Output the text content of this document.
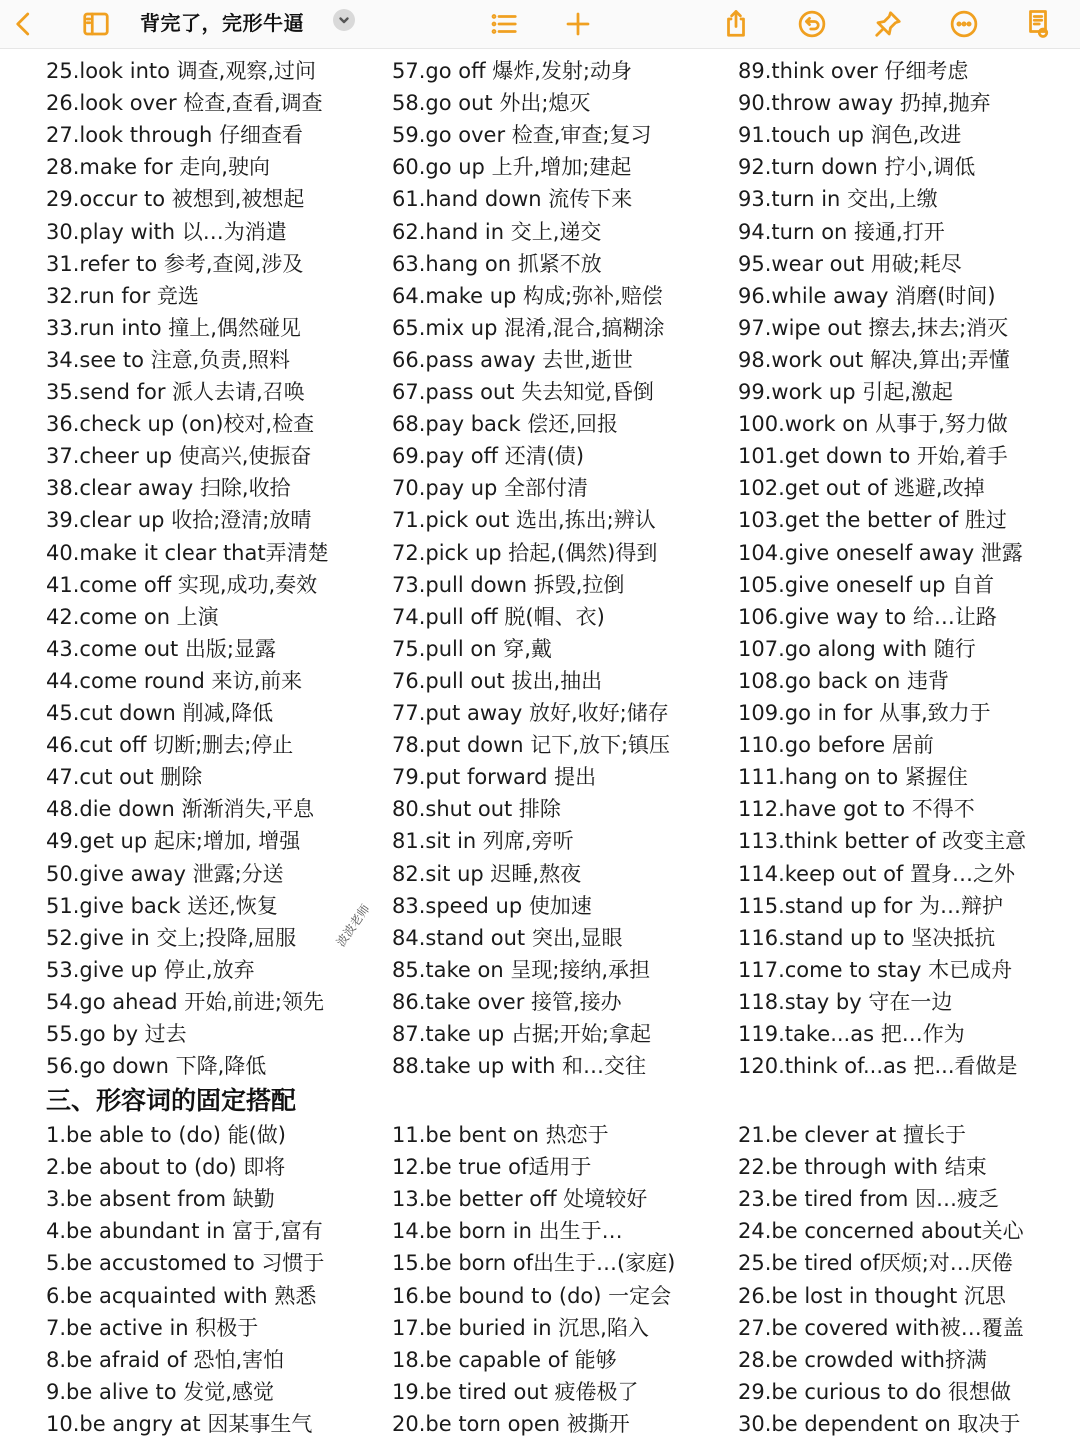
背完了，完形牛逼
25.look into 调查,观察,过问
26.look over 检查,查看,调查
27.look through 仔细查看
28.make for 走向,驶向
29.occur to 被想到,被想起
30.play with 以…为消遣
31.refer to 参考,查阅,涉及
32.run for 竞选
33.run into 撞上,偶然碰见
34.see to 注意,负责,照料
35.send for 派人去请,召唤
36.check up (on)校对,检查
37.cheer up 使高兴,使振奋
38.clear away 扫除,收拾
39.clear up 收拾;澄清;放晴
40.make it clear that弄清楚
41.come off 实现,成功,奏效
42.come on 上演
43.come out 出版;显露
44.come round 来访,前来
45.cut down 削减,降低
46.cut off 切断;删去;停止
47.cut out 删除
48.die down 渐渐消失,平息
49.get up 起床;增加, 增强
50.give away 泄露;分送
51.give back 送还,恢复
52.give in 交上;投降,屈服
53.give up 停止,放弃
54.go ahead 开始,前进;领先
55.go by 过去
56.go down 下降,降低
57.go off 爆炸,发射;动身
58.go out 外出;熄灭
59.go over 检查,审查;复习
60.go up 上升,增加;建起
61.hand down 流传下来
62.hand in 交上,递交
63.hang on 抓紧不放
64.make up 构成;弥补,赔偿
65.mix up 混淆,混合,搞糊涂
66.pass away 去世,逝世
67.pass out 失去知觉,昏倒
68.pay back 偿还,回报
69.pay off 还清(债)
70.pay up 全部付清
71.pick out 选出,拣出;辨认
72.pick up 拾起,(偶然)得到
73.pull down 拆毁,拉倒
74.pull off 脱(帽、衣)
75.pull on 穿,戴
76.pull out 拔出,抽出
77.put away 放好,收好;储存
78.put down 记下,放下;镇压
79.put forward 提出
80.shut out 排除
81.sit in 列席,旁听
82.sit up 迟睡,熬夜
83.speed up 使加速
84.stand out 突出,显眼
85.take on 呈现;接纳,承担
86.take over 接管,接办
87.take up 占据;开始;拿起
88.take up with 和…交往
89.think over 仔细考虑
90.throw away 扔掉,抛弃
91.touch up 润色,改进
92.turn down 拧小,调低
93.turn in 交出,上缴
94.turn on 接通,打开
95.wear out 用破;耗尽
96.while away 消磨(时间)
97.wipe out 擦去,抹去;消灭
98.work out 解决,算出;弄懂
99.work up 引起,激起
100.work on 从事于,努力做
101.get down to 开始,着手
102.get out of 逃避,改掉
103.get the better of 胜过
104.give oneself away 泄露
105.give oneself up 自首
106.give way to 给…让路
107.go along with 随行
108.go back on 违背
109.go in for 从事,致力于
110.go before 居前
111.hang on to 紧握住
112.have got to 不得不
113.think better of 改变主意
114.keep out of 置身…之外
115.stand up for 为…辩护
116.stand up to 坚决抵抗
117.come to stay 木已成舟
118.stay by 守在一边
119.take...as 把…作为
120.think of...as 把...看做是
1.be able to (do) 能(做)
2.be about to (do) 即将
3.be absent from 缺勤
4.be abundant in 富于,富有
5.be accustomed to 习惯于
6.be acquainted with 熟悉
7.be active in 积极于
8.be afraid of 恐怕,害怕
9.be alive to 发觉,感觉
10.be angry at 因某事生气
11.be bent on 热恋于
12.be true of适用于
13.be better off 处境较好
14.be born in 出生于…
15.be born of出生于…(家庭)
16.be bound to (do) 一定会
17.be buried in 沉思,陷入
18.be capable of 能够
19.be tired out 疲倦极了
20.be torn open 被撕开
21.be clever at 擅长于
22.be through with 结束
23.be tired from 因…疲乏
24.be concerned about关心
25.be tired of厌烦;对…厌倦
26.be lost in thought 沉思
27.be covered with被…覆盖
28.be crowded with挤满
29.be curious to do 很想做
30.be dependent on 取决于
三、形容词的固定搭配
波波老师
